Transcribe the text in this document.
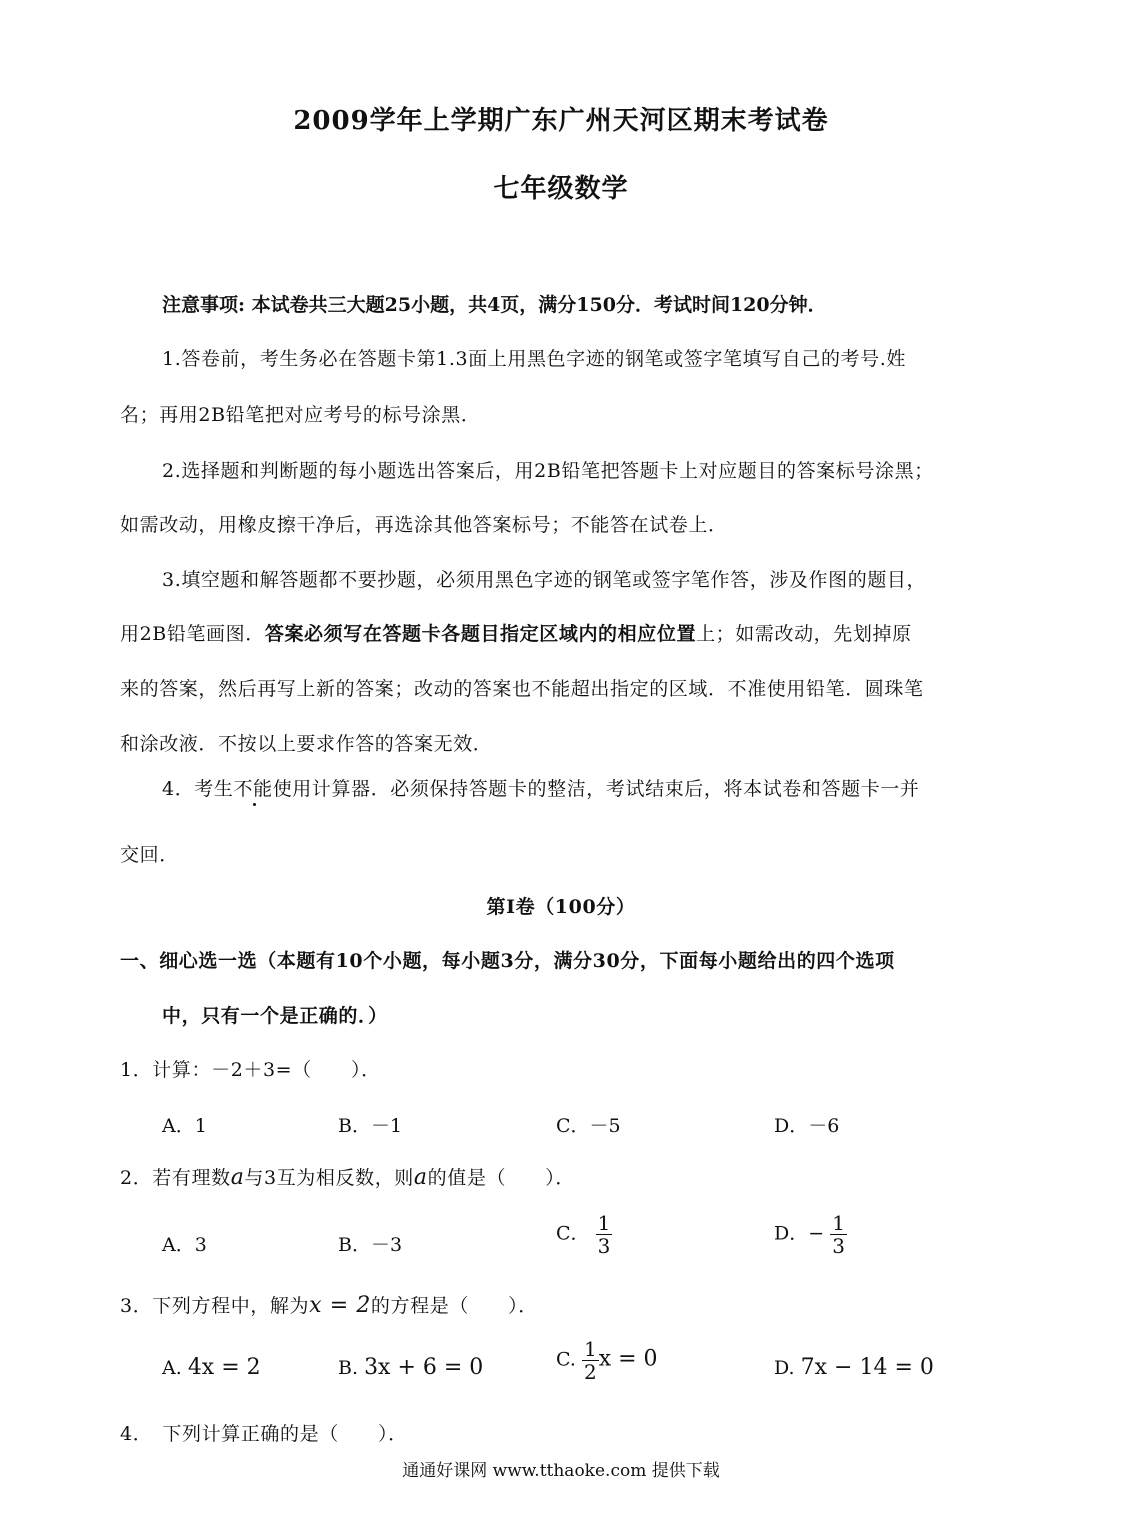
2009学年上学期广东广州天河区期末考试卷
七年级数学
注意事项: 本试卷共三大题25小题，共4页，满分150分．考试时间120分钟．
1.答卷前，考生务必在答题卡第1.3面上用黑色字迹的钢笔或签字笔填写自己的考号.姓
名；再用2B铅笔把对应考号的标号涂黑．
2.选择题和判断题的每小题选出答案后，用2B铅笔把答题卡上对应题目的答案标号涂黑；
如需改动，用橡皮擦干净后，再选涂其他答案标号；不能答在试卷上．
3.填空题和解答题都不要抄题，必须用黑色字迹的钢笔或签字笔作答，涉及作图的题目，
用2B铅笔画图．答案必须写在答题卡各题目指定区域内的相应位置上；如需改动，先划掉原
来的答案，然后再写上新的答案；改动的答案也不能超出指定的区域．不准使用铅笔．圆珠笔
和涂改液．不按以上要求作答的答案无效．
4．考生不能使用计算器．必须保持答题卡的整洁，考试结束后，将本试卷和答题卡一并
交回．
第Ⅰ卷（100分）
一、细心选一选（本题有10个小题，每小题3分，满分30分，下面每小题给出的四个选项
中，只有一个是正确的．）
1．计算：－2＋3=（　　）．
A．1	B．－1	C．－5	D．－6
2．若有理数a与3互为相反数，则a的值是（　　）．
A．3	B．－3
C． $\frac{1}{3}$	D．− $\frac{1}{3}$
3．下列方程中，解为x = 2的方程是（　　）．
A. 4x = 2	B. 3x + 6 = 0	C. $\frac{1}{2}$ x = 0	D. 7x − 14 = 0
4．　下列计算正确的是（　　）．
通通好课网 www.tthaoke.com 提供下载
